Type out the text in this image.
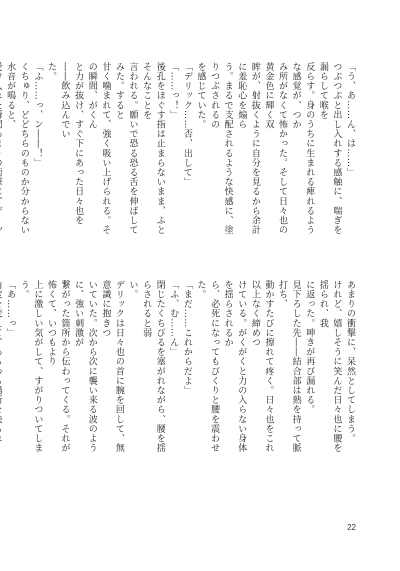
「う、あ……ん、は……」

つぷつぷと出し入れする感触に、喘ぎを漏らして喉を

反らす。身のうちに生まれる痺れるような感覚が、つか

み所がなくて怖かった。そして日々也の黄金色に輝く双

眸が、射抜くように自分を見るから余計に羞恥心を煽ら

う。まるで支配されるような快感に、塗りつぶされるの

を感じていた。

「デリック……否、出して」

「……っ！」

後孔をほぐす指は止まらないまま、ふとそんなことを

言われる。願いで恐る恐る舌を伸ばしてみた。すると

甘く噛まれて、強く吸い上げられる。その瞬間、がくん

と力が抜け、すぐ下にあった日々也を――飲み込んでい

た。

「ふ……っ、ン――！」

くちゅり、どどちらのものか分からない水音が鳴ると、

あまりの衝撃に、呆然としてしまう。

けれど、嬉しそうに笑んだ日々也に腰を揺られ、我

に返った。呻きが再び漏れる。

見下ろした先――結合部は熱を持って脈打ち、

動かすたびに擦れて疼く。日々也をこれ以上なく締めつ

けている。がくがくと力の入らない身体を揺らされるか

ら、必死になってもびくりと腰を震わせた。

「まだ……これからだよ」

「ふ、む……ん」

閉じたくちびるを塞がれながら、腰を揺らされると弱

い。

デリックは日々也の首に腕を回して、無意識に抱きつ

いていた。次から次に襲い来る波のように、強い刺激が

繋がった箇所から伝わってくる。それが怖くて、いつもより

上に激しい気がして、すがりついてしまう。

「あ……っ」

22
